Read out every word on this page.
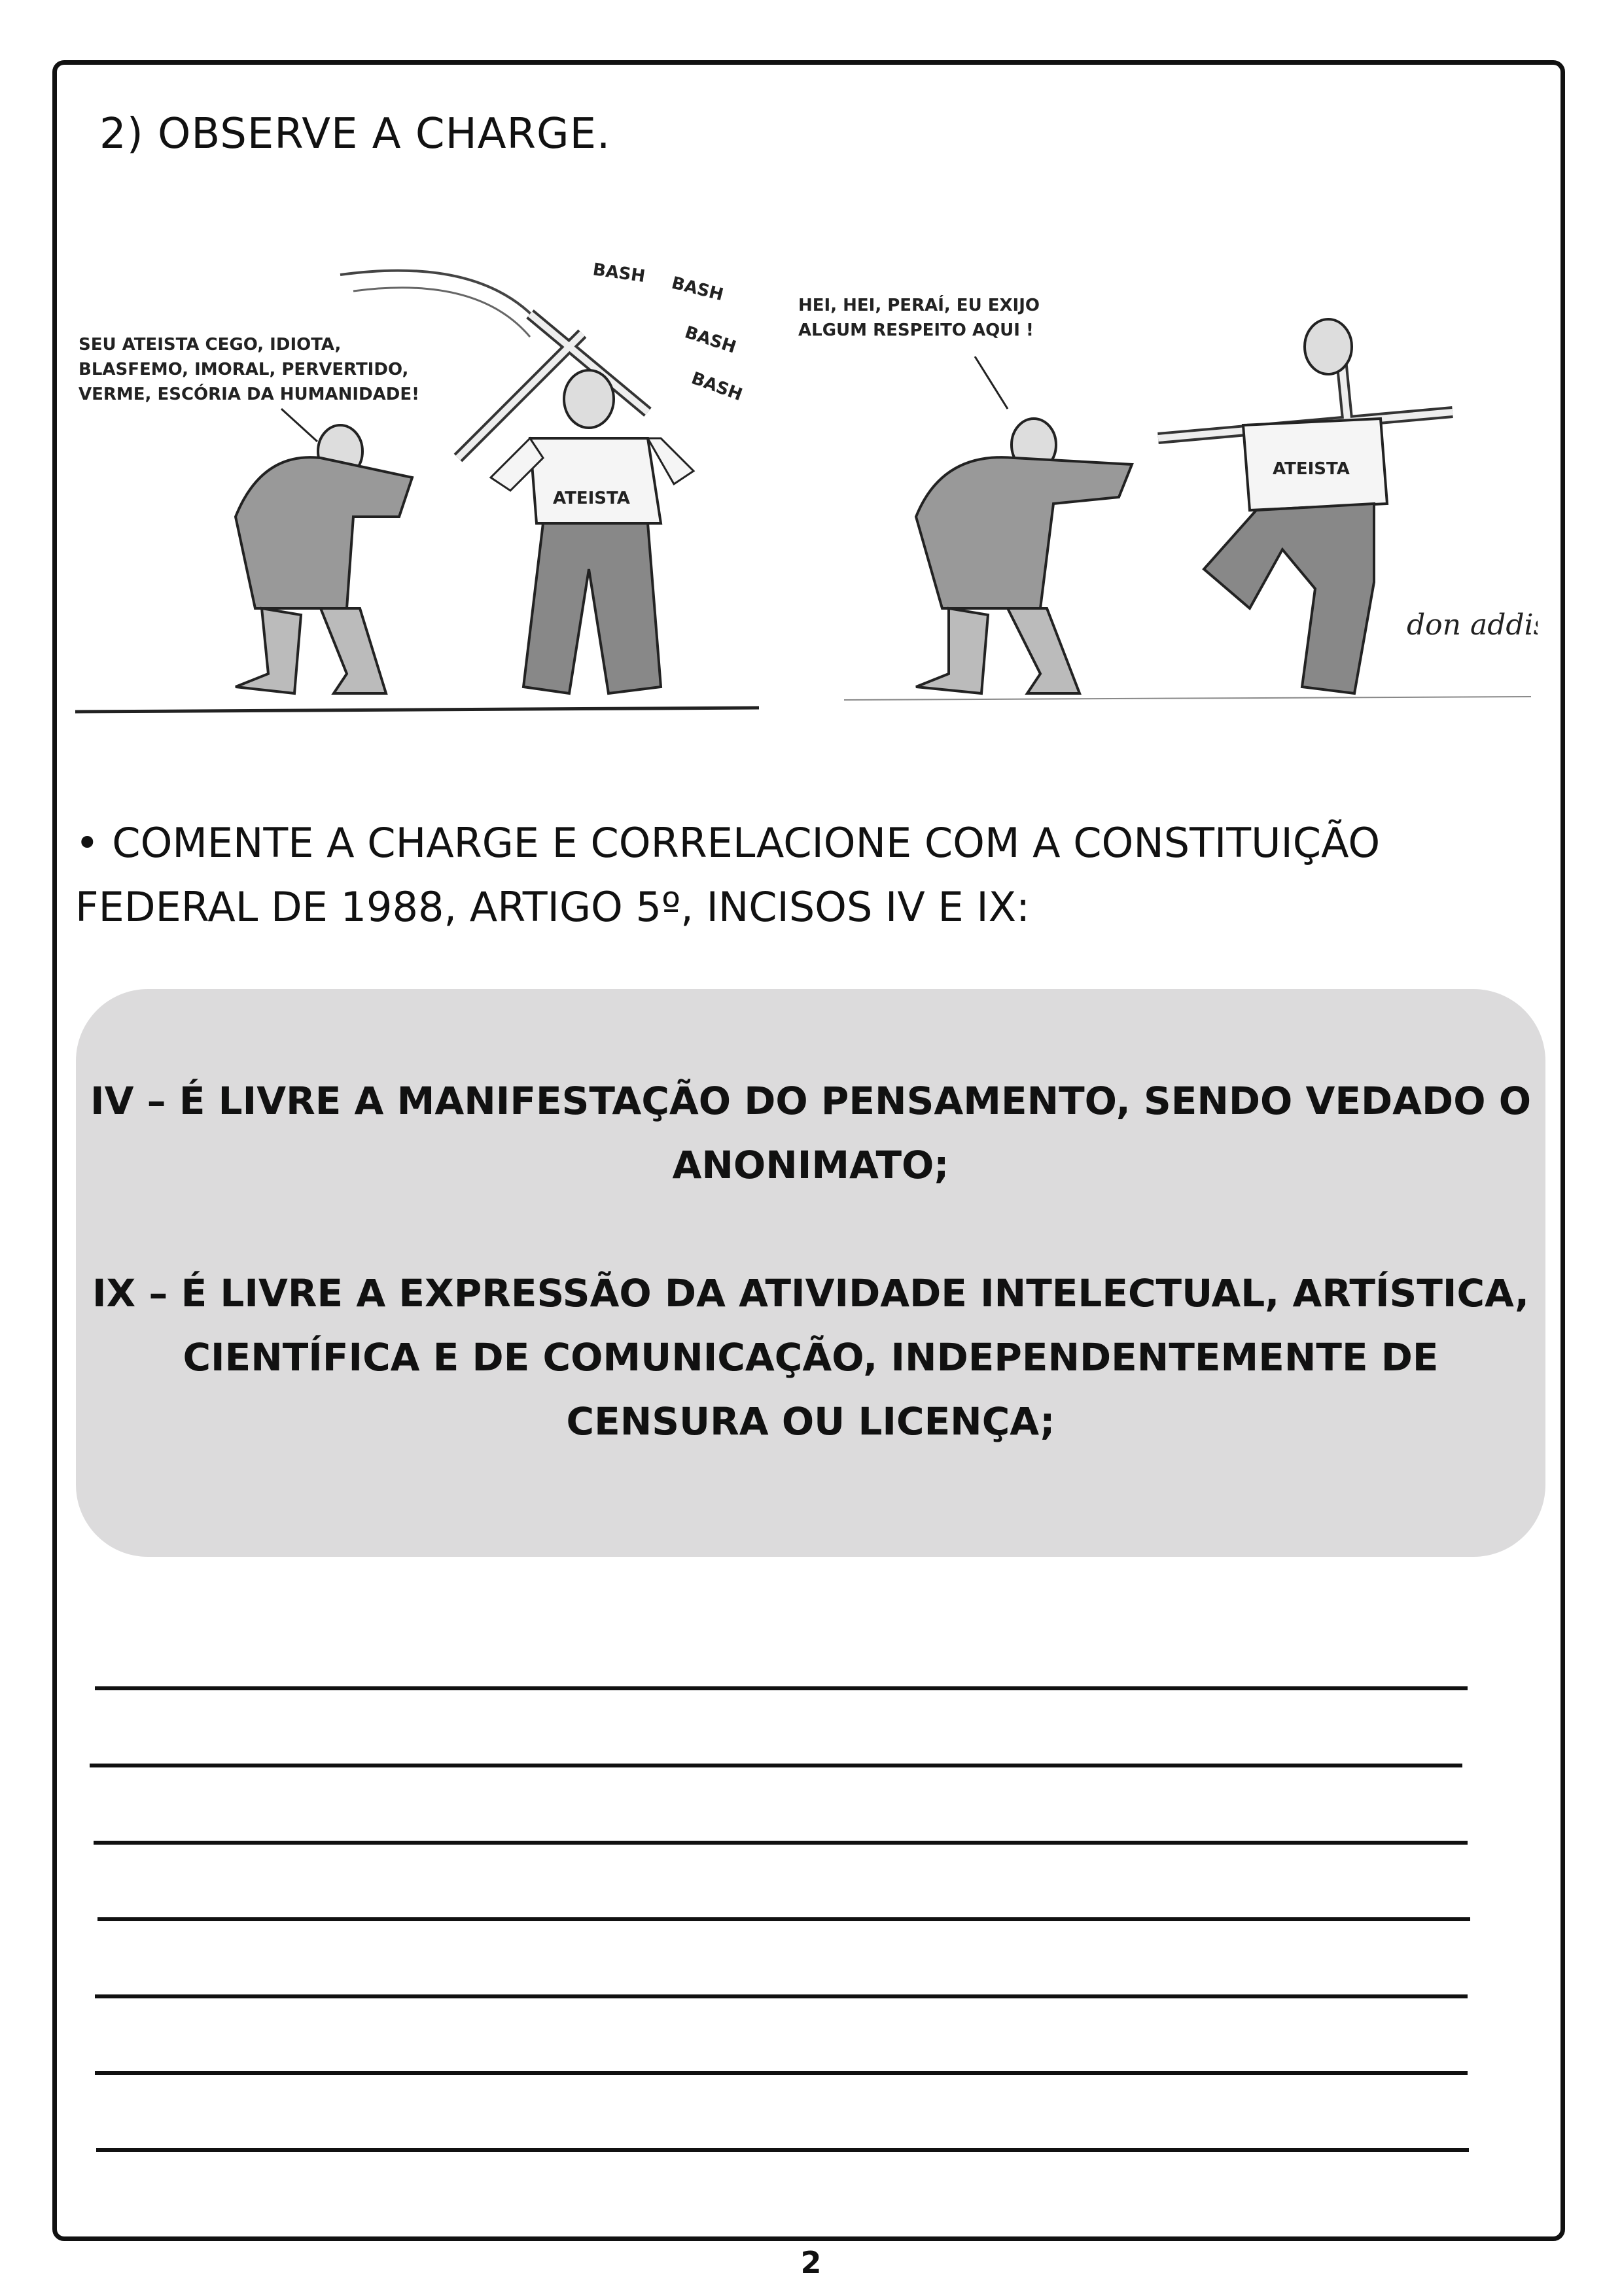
2) OBSERVE A CHARGE.
SEU ATEISTA CEGO, IDIOTA,
BLASFEMO, IMORAL, PERVERTIDO,
VERME, ESCÓRIA DA HUMANIDADE!
BASH
BASH
BASH
BASH
ATEISTA
HEI, HEI, PERAÍ, EU EXIJO
ALGUM RESPEITO AQUI !
ATEISTA
don addis
• COMENTE A CHARGE E CORRELACIONE COM A CONSTITUIÇÃO
FEDERAL DE 1988, ARTIGO 5º, INCISOS IV E IX:
IV – É LIVRE A MANIFESTAÇÃO DO PENSAMENTO, SENDO VEDADO O ANONIMATO;
IX – É LIVRE A EXPRESSÃO DA ATIVIDADE INTELECTUAL, ARTÍSTICA, CIENTÍFICA E DE COMUNICAÇÃO, INDEPENDENTEMENTE DE CENSURA OU LICENÇA;
2
